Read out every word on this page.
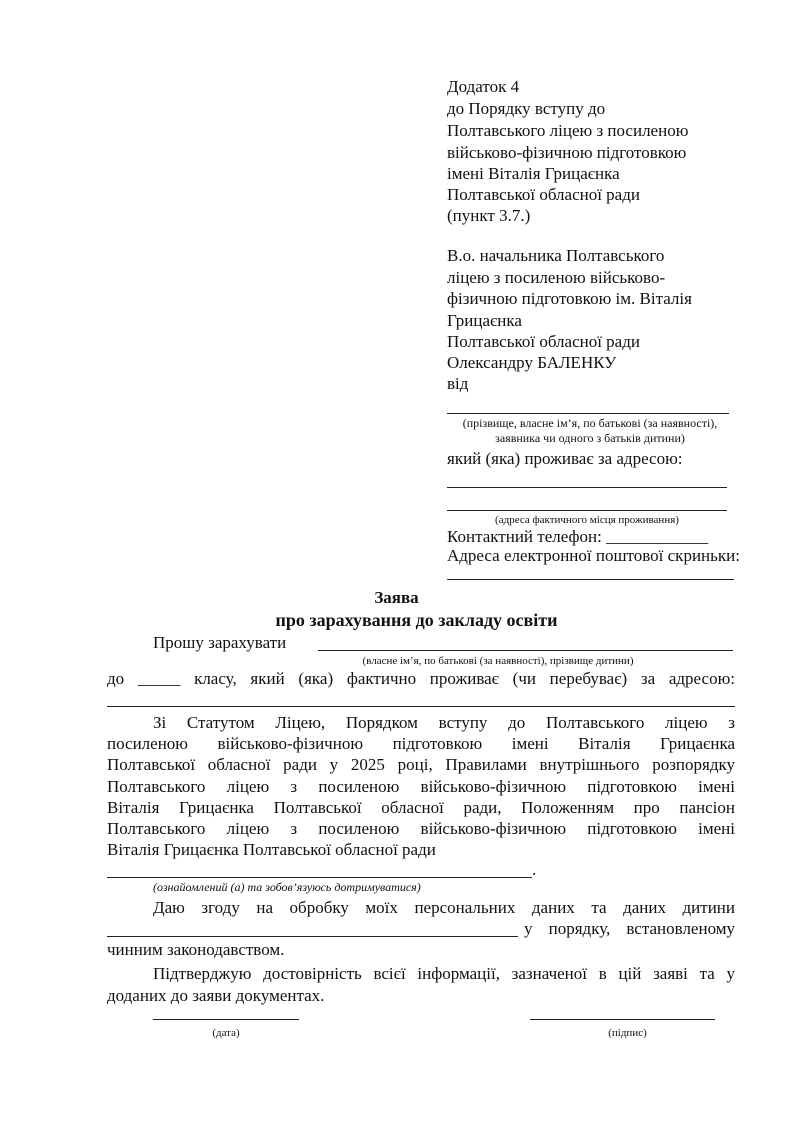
Додаток 4
до Порядку вступу до
Полтавського ліцею з посиленою
військово-фізичною підготовкою
імені Віталія Грицаєнка
Полтавської обласної ради
(пункт 3.7.)
В.о. начальника Полтавського
ліцею з посиленою військово-
фізичною підготовкою ім. Віталія
Грицаєнка
Полтавської обласної ради
Олександру БАЛЕНКУ
від
(прізвище, власне ім’я, по батькові (за наявності),
заявника чи одного з батьків дитини)
який (яка) проживає за адресою:
(адреса фактичного місця проживання)
Контактний телефон: ____________
Адреса електронної поштової скриньки:
Заява
про зарахування до закладу освіти
Прошу зарахувати
(власне ім’я, по батькові (за наявності), прізвище дитини)
до _____ класу, який (яка) фактично проживає (чи перебуває) за адресою:
Зі Статутом Ліцею, Порядком вступу до Полтавського ліцею з
посиленою військово-фізичною підготовкою імені Віталія Грицаєнка
Полтавської обласної ради у 2025 році, Правилами внутрішнього розпорядку
Полтавського ліцею з посиленою військово-фізичною підготовкою імені
Віталія Грицаєнка Полтавської обласної ради, Положенням про пансіон
Полтавського ліцею з посиленою військово-фізичною підготовкою імені
Віталія Грицаєнка Полтавської обласної ради
.
(ознайомлений (а) та зобов’язуюсь дотримуватися)
Даю згоду на обробку моїх персональних даних та даних дитини
у порядку, встановленому
чинним законодавством.
Підтверджую достовірність всієї інформації, зазначеної в цій заяві та у
доданих до заяви документах.
(дата)	(підпис)
